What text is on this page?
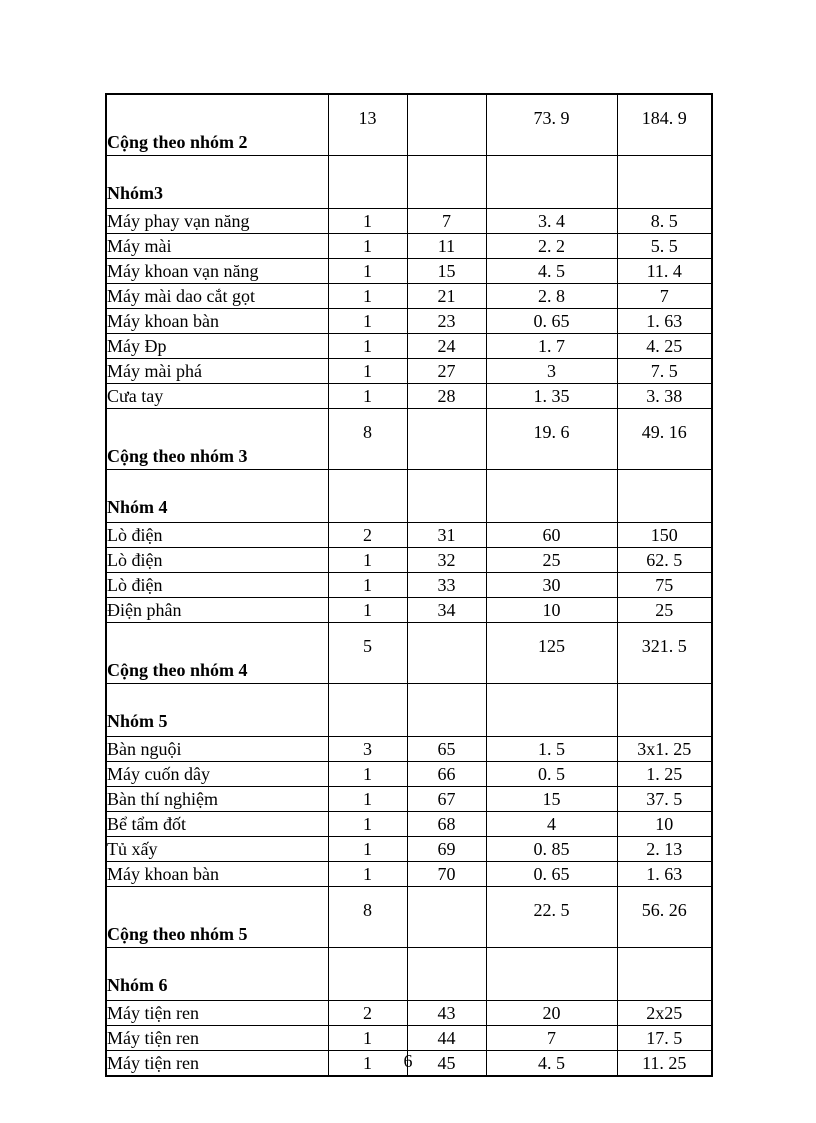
Cộng theo nhóm 2	13		73. 9	184. 9
Nhóm3				
Máy phay vạn năng	1	7	3. 4	8. 5
Máy mài	1	11	2. 2	5. 5
Máy khoan vạn năng	1	15	4. 5	11. 4
Máy mài dao cắt gọt	1	21	2. 8	7
Máy khoan bàn	1	23	0. 65	1. 63
Máy Đp	1	24	1. 7	4. 25
Máy mài phá	1	27	3	7. 5
Cưa tay	1	28	1. 35	3. 38
Cộng theo nhóm 3	8		19. 6	49. 16
Nhóm 4				
Lò điện	2	31	60	150
Lò điện	1	32	25	62. 5
Lò điện	1	33	30	75
Điện phân	1	34	10	25
Cộng theo nhóm 4	5		125	321. 5
Nhóm 5				
Bàn nguội	3	65	1. 5	3x1. 25
Máy cuốn dây	1	66	0. 5	1. 25
Bàn thí nghiệm	1	67	15	37. 5
Bể tẩm đốt	1	68	4	10
Tủ xấy	1	69	0. 85	2. 13
Máy khoan bàn	1	70	0. 65	1. 63
Cộng theo nhóm 5	8		22. 5	56. 26
Nhóm 6				
Máy tiện ren	2	43	20	2x25
Máy tiện ren	1	44	7	17. 5
Máy tiện ren	1	45	4. 5	11. 25
6
